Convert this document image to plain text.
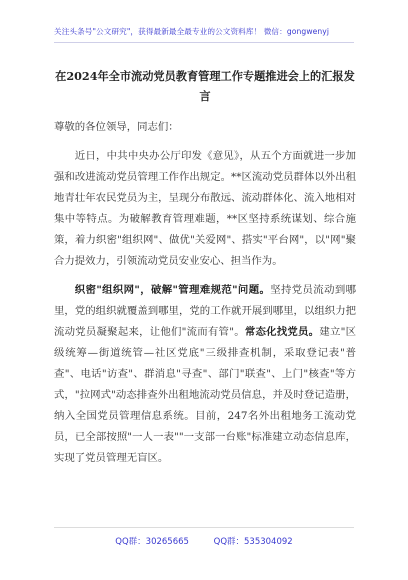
关注头条号"公文研究"，获得最新最全最专业的公文资料库！ 微信：gongwenyj
在2024年全市流动党员教育管理工作专题推进会上的汇报发言

尊敬的各位领导，同志们：

近日，中共中央办公厅印发《意见》，从五个方面就进一步加强和改进流动党员管理工作作出规定。**区流动党员群体以外出租地青壮年农民党员为主，呈现分布散远、流动群体化、流入地相对集中等特点。为破解教育管理难题，**区坚持系统谋划、综合施策，着力织密"组织网"、做优"关爱网"、搭实"平台网"，以"网"聚合力提效力，引领流动党员安业安心、担当作为。

织密"组织网"，破解"管理难规范"问题。坚持党员流动到哪里，党的组织就覆盖到哪里，党的工作就开展到哪里，以组织力把流动党员凝聚起来，让他们"流而有管"。常态化找党员。建立"区级统筹—街道统管—社区党底"三级排查机制，采取登记表"普查"、电话"访查"、群消息"寻查"、部门"联查"、上门"核查"等方式，"拉网式"动态排查外出租地流动党员信息，并及时登记造册，纳入全国党员管理信息系统。目前，247名外出租地务工流动党员，已全部按照"一人一表""一支部一台账"标准建立动态信息库，实现了党员管理无盲区。

QQ群：30265665	QQ群：535304092
